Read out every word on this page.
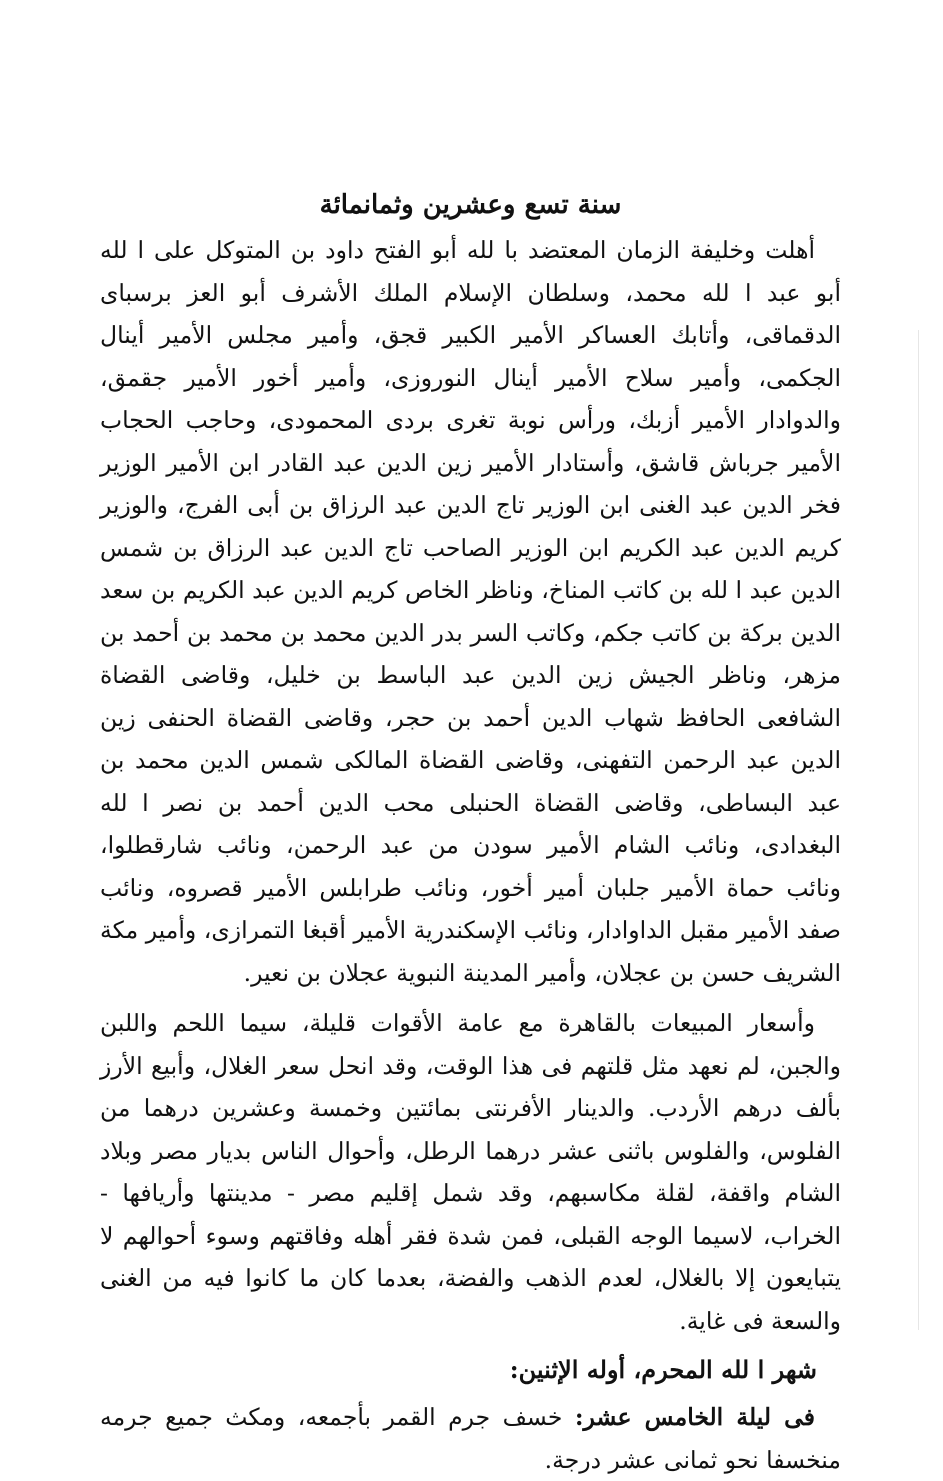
سنة تسع وعشرين وثمانمائة

أهلت وخليفة الزمان المعتضد با لله أبو الفتح داود بن المتوكل على ا لله أبو عبد ا لله محمد، وسلطان الإسلام الملك الأشرف أبو العز برسباى الدقماقى، وأتابك العساكر الأمير الكبير قجق، وأمير مجلس الأمير أينال الجكمى، وأمير سلاح الأمير أينال النوروزى، وأمير أخور الأمير جقمق، والدوادار الأمير أزبك، ورأس نوبة تغرى بردى المحمودى، وحاجب الحجاب الأمير جرباش قاشق، وأستادار الأمير زين الدين عبد القادر ابن الأمير الوزير فخر الدين عبد الغنى ابن الوزير تاج الدين عبد الرزاق بن أبى الفرج، والوزير كريم الدين عبد الكريم ابن الوزير الصاحب تاج الدين عبد الرزاق بن شمس الدين عبد ا لله بن كاتب المناخ، وناظر الخاص كريم الدين عبد الكريم بن سعد الدين بركة بن كاتب جكم، وكاتب السر بدر الدين محمد بن محمد بن أحمد بن مزهر، وناظر الجيش زين الدين عبد الباسط بن خليل، وقاضى القضاة الشافعى الحافظ شهاب الدين أحمد بن حجر، وقاضى القضاة الحنفى زين الدين عبد الرحمن التفهنى، وقاضى القضاة المالكى شمس الدين محمد بن عبد البساطى، وقاضى القضاة الحنبلى محب الدين أحمد بن نصر ا لله البغدادى، ونائب الشام الأمير سودن من عبد الرحمن، ونائب شارقطلوا، ونائب حماة الأمير جلبان أمير أخور، ونائب طرابلس الأمير قصروه، ونائب صفد الأمير مقبل الداوادار، ونائب الإسكندرية الأمير أقبغا التمرازى، وأمير مكة الشريف حسن بن عجلان، وأمير المدينة النبوية عجلان بن نعير.

وأسعار المبيعات بالقاهرة مع عامة الأقوات قليلة، سيما اللحم واللبن والجبن، لم نعهد مثل قلتهم فى هذا الوقت، وقد انحل سعر الغلال، وأبيع الأرز بألف درهم الأردب. والدينار الأفرنتى بمائتين وخمسة وعشرين درهما من الفلوس، والفلوس باثنى عشر درهما الرطل، وأحوال الناس بديار مصر وبلاد الشام واقفة، لقلة مكاسبهم، وقد شمل إقليم مصر - مدينتها وأريافها - الخراب، لاسيما الوجه القبلى، فمن شدة فقر أهله وفاقتهم وسوء أحوالهم لا يتبايعون إلا بالغلال، لعدم الذهب والفضة، بعدما كان ما كانوا فيه من الغنى والسعة فى غاية.

شهر ا لله المحرم، أوله الإثنين:

فى ليلة الخامس عشر: خسف جرم القمر بأجمعه، ومكث جميع جرمه منخسفا نحو ثمانى عشر درجة.
